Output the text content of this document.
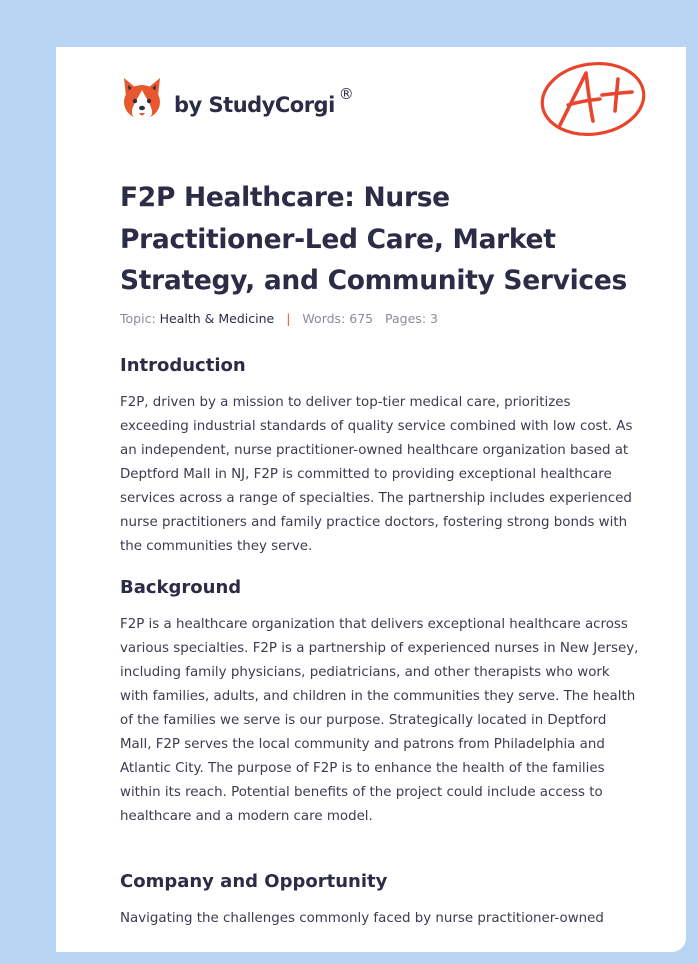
by StudyCorgi ®
F2P Healthcare: Nurse Practitioner-Led Care, Market Strategy, and Community Services
Topic: Health & Medicine | Words: 675 Pages: 3
Introduction

F2P, driven by a mission to deliver top-tier medical care, prioritizes exceeding industrial standards of quality service combined with low cost. As an independent, nurse practitioner-owned healthcare organization based at Deptford Mall in NJ, F2P is committed to providing exceptional healthcare services across a range of specialties. The partnership includes experienced nurse practitioners and family practice doctors, fostering strong bonds with the communities they serve.

Background

F2P is a healthcare organization that delivers exceptional healthcare across various specialties. F2P is a partnership of experienced nurses in New Jersey, including family physicians, pediatricians, and other therapists who work with families, adults, and children in the communities they serve. The health of the families we serve is our purpose. Strategically located in Deptford Mall, F2P serves the local community and patrons from Philadelphia and Atlantic City. The purpose of F2P is to enhance the health of the families within its reach. Potential benefits of the project could include access to healthcare and a modern care model.

Company and Opportunity

Navigating the challenges commonly faced by nurse practitioner-owned
